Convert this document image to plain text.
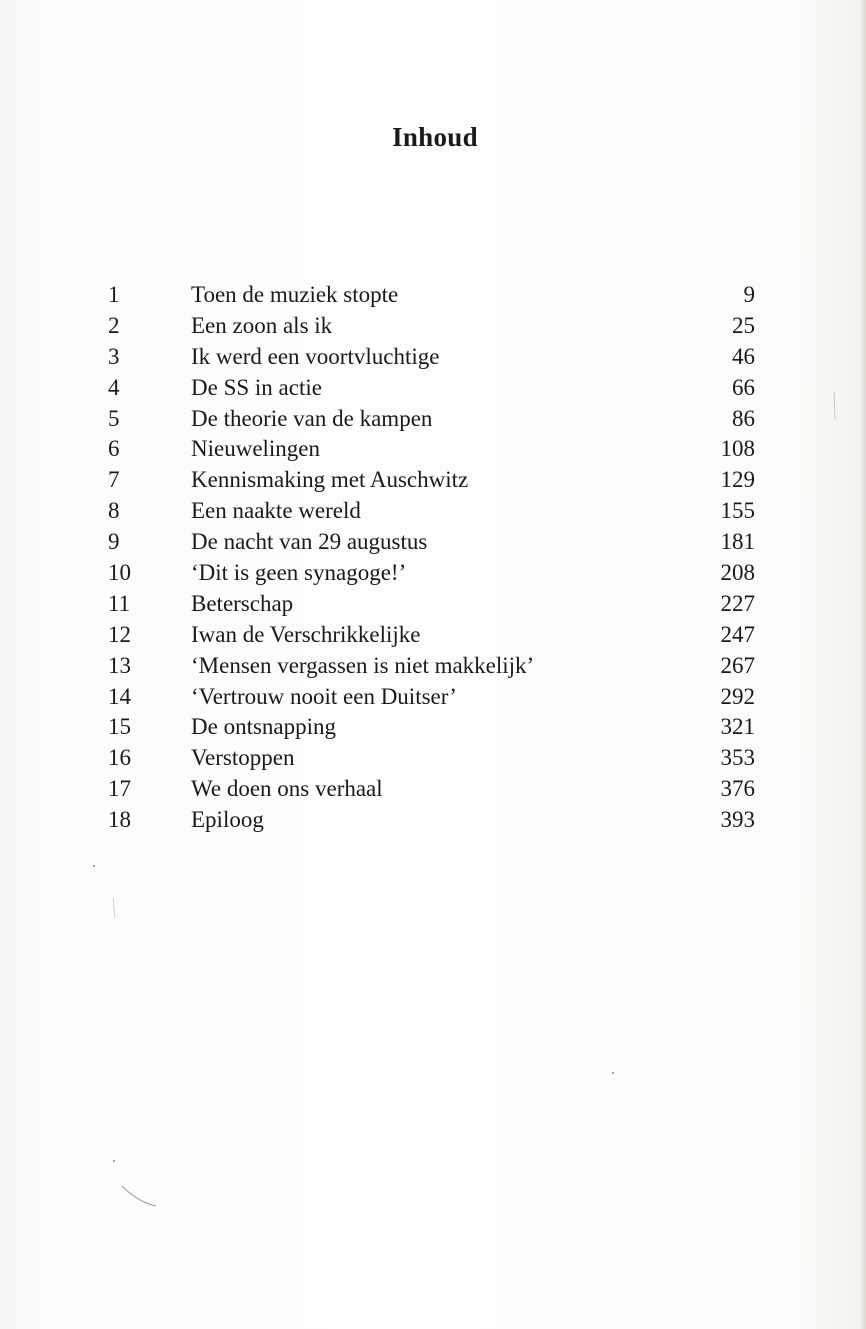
Inhoud
1	Toen de muziek stopte	9
2	Een zoon als ik	25
3	Ik werd een voortvluchtige	46
4	De SS in actie	66
5	De theorie van de kampen	86
6	Nieuwelingen	108
7	Kennismaking met Auschwitz	129
8	Een naakte wereld	155
9	De nacht van 29 augustus	181
10	‘Dit is geen synagoge!’	208
11	Beterschap	227
12	Iwan de Verschrikkelijke	247
13	‘Mensen vergassen is niet makkelijk’	267
14	‘Vertrouw nooit een Duitser’	292
15	De ontsnapping	321
16	Verstoppen	353
17	We doen ons verhaal	376
18	Epiloog	393
